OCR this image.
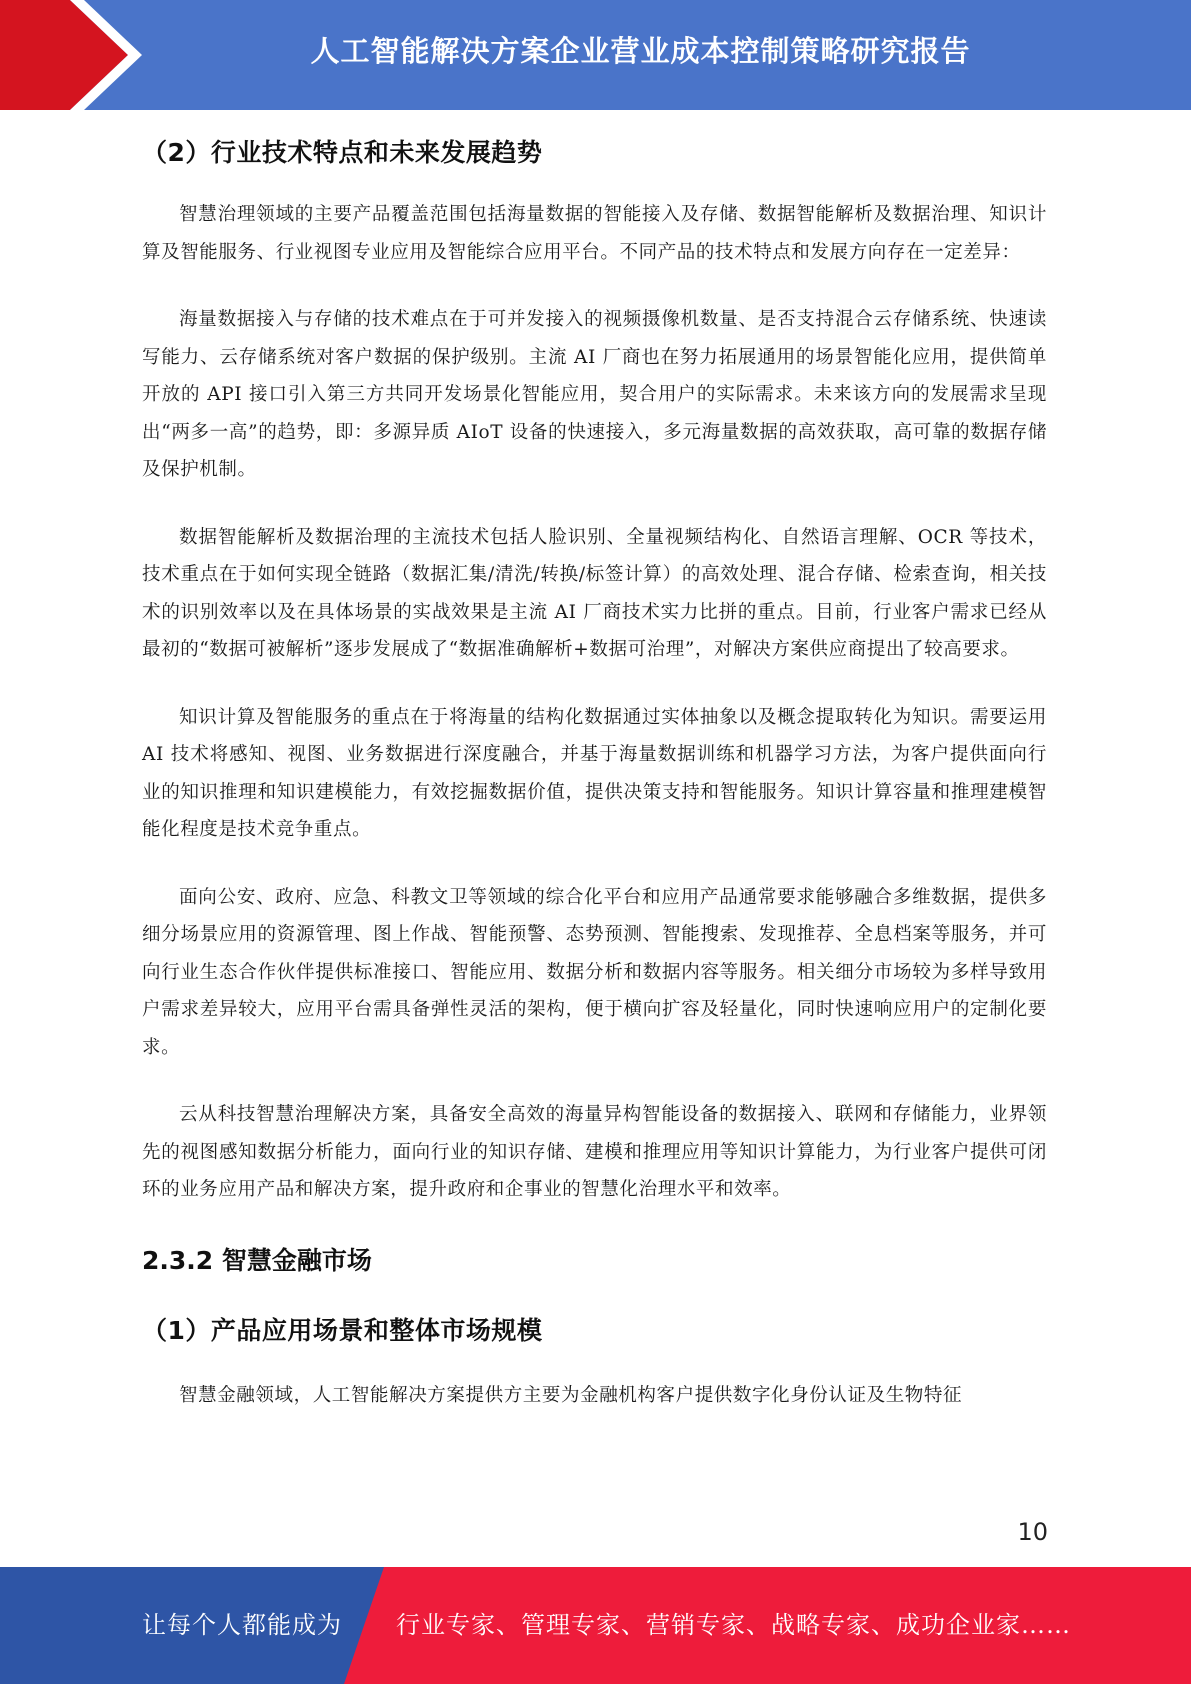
人工智能解决方案企业营业成本控制策略研究报告
（2）行业技术特点和未来发展趋势

智慧治理领域的主要产品覆盖范围包括海量数据的智能接入及存储、数据智能解析及数据治理、知识计算及智能服务、行业视图专业应用及智能综合应用平台。不同产品的技术特点和发展方向存在一定差异：

海量数据接入与存储的技术难点在于可并发接入的视频摄像机数量、是否支持混合云存储系统、快速读写能力、云存储系统对客户数据的保护级别。主流 AI 厂商也在努力拓展通用的场景智能化应用，提供简单开放的 API 接口引入第三方共同开发场景化智能应用，契合用户的实际需求。未来该方向的发展需求呈现出“两多一高”的趋势，即：多源异质 AIoT 设备的快速接入，多元海量数据的高效获取，高可靠的数据存储及保护机制。

数据智能解析及数据治理的主流技术包括人脸识别、全量视频结构化、自然语言理解、OCR 等技术，技术重点在于如何实现全链路（数据汇集/清洗/转换/标签计算）的高效处理、混合存储、检索查询，相关技术的识别效率以及在具体场景的实战效果是主流 AI 厂商技术实力比拼的重点。目前，行业客户需求已经从最初的“数据可被解析”逐步发展成了“数据准确解析+数据可治理”，对解决方案供应商提出了较高要求。

知识计算及智能服务的重点在于将海量的结构化数据通过实体抽象以及概念提取转化为知识。需要运用 AI 技术将感知、视图、业务数据进行深度融合，并基于海量数据训练和机器学习方法，为客户提供面向行业的知识推理和知识建模能力，有效挖掘数据价值，提供决策支持和智能服务。知识计算容量和推理建模智能化程度是技术竞争重点。

面向公安、政府、应急、科教文卫等领域的综合化平台和应用产品通常要求能够融合多维数据，提供多细分场景应用的资源管理、图上作战、智能预警、态势预测、智能搜索、发现推荐、全息档案等服务，并可向行业生态合作伙伴提供标准接口、智能应用、数据分析和数据内容等服务。相关细分市场较为多样导致用户需求差异较大，应用平台需具备弹性灵活的架构，便于横向扩容及轻量化，同时快速响应用户的定制化要求。

云从科技智慧治理解决方案，具备安全高效的海量异构智能设备的数据接入、联网和存储能力，业界领先的视图感知数据分析能力，面向行业的知识存储、建模和推理应用等知识计算能力，为行业客户提供可闭环的业务应用产品和解决方案，提升政府和企事业的智慧化治理水平和效率。

2.3.2 智慧金融市场
（1）产品应用场景和整体市场规模

智慧金融领域，人工智能解决方案提供方主要为金融机构客户提供数字化身份认证及生物特征

10
让每个人都能成为 行业专家、管理专家、营销专家、战略专家、成功企业家……
